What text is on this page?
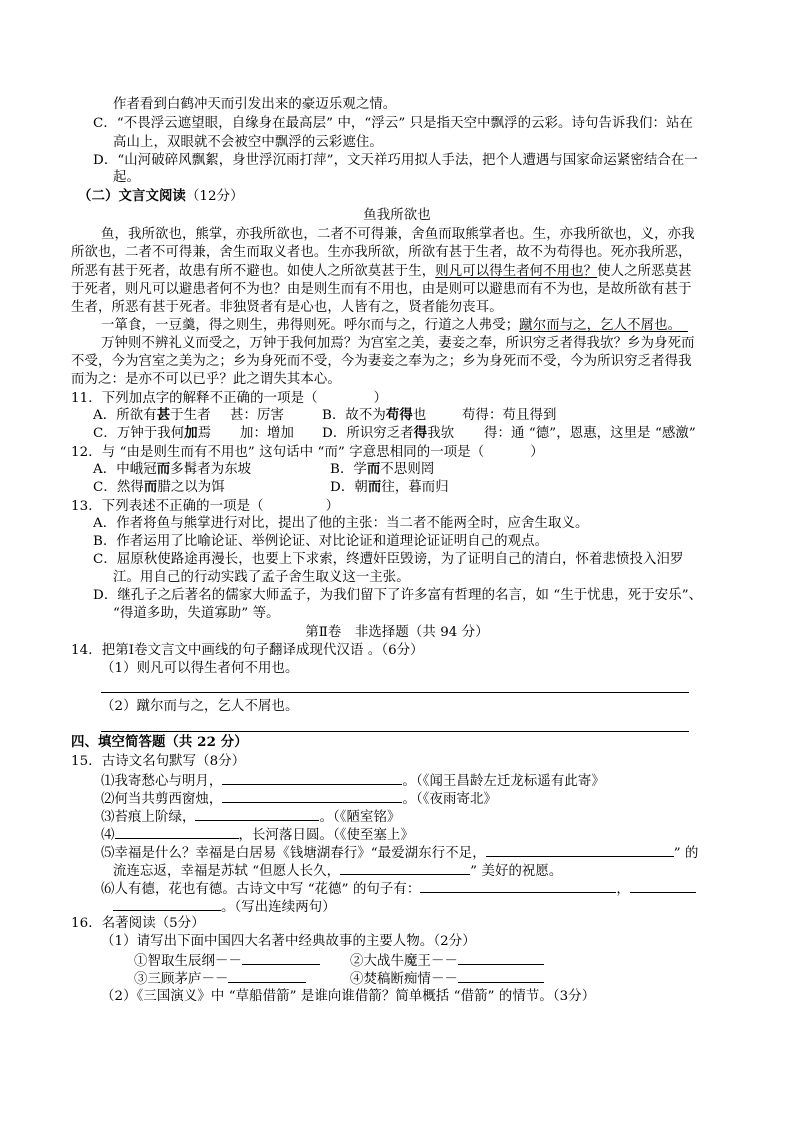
作者看到白鹤冲天而引发出来的豪迈乐观之情。
C．“不畏浮云遮望眼，自缘身在最高层” 中，“浮云” 只是指天空中飘浮的云彩。诗句告诉我们：站在
高山上，双眼就不会被空中飘浮的云彩遮住。
D．“山河破碎风飘絮，身世浮沉雨打萍”，文天祥巧用拟人手法，把个人遭遇与国家命运紧密结合在一
起。
（二）文言文阅读（12分）
鱼我所欲也
鱼，我所欲也，熊掌，亦我所欲也，二者不可得兼，舍鱼而取熊掌者也。生，亦我所欲也，义，亦我
所欲也，二者不可得兼，舍生而取义者也。生亦我所欲，所欲有甚于生者，故不为苟得也。死亦我所恶，
所恶有甚于死者，故患有所不避也。如使人之所欲莫甚于生，则凡可以得生者何不用也？使人之所恶莫甚
于死者，则凡可以避患者何不为也？由是则生而有不用也，由是则可以避患而有不为也，是故所欲有甚于
生者，所恶有甚于死者。非独贤者有是心也，人皆有之，贤者能勿丧耳。
一箪食，一豆羹，得之则生，弗得则死。呼尔而与之，行道之人弗受；蹴尔而与之，乞人不屑也。　
万钟则不辨礼义而受之，万钟于我何加焉？为宫室之美，妻妾之奉，所识穷乏者得我欤？乡为身死而
不受，今为宫室之美为之；乡为身死而不受，今为妻妾之奉为之；乡为身死而不受，今为所识穷乏者得我
而为之：是亦不可以已乎？此之谓失其本心。
11．下列加点字的解释不正确的一项是（	）
A．所欲有甚于生者 甚：厉害	B．故不为苟得也	苟得：苟且得到
C．万钟于我何加焉 加：增加 D．所识穷乏者得我欤 得：通 “德”，恩惠，这里是 “感激”
12．与 “由是则生而有不用也” 这句话中 “而” 字意思相同的一项是（	）
A．中峨冠而多髯者为东坡	B．学而不思则罔
C．然得而腊之以为饵	D．朝而往，暮而归
13．下列表述不正确的一项是（	）
A．作者将鱼与熊掌进行对比，提出了他的主张：当二者不能两全时，应舍生取义。
B．作者运用了比喻论证、举例论证、对比论证和道理论证证明自己的观点。
C．屈原秋使路途再漫长，也要上下求索，终遭奸臣毁谤，为了证明自己的清白，怀着悲愤投入汨罗
江。用自己的行动实践了孟子舍生取义这一主张。
D．继孔子之后著名的儒家大师孟子，为我们留下了许多富有哲理的名言，如 “生于忧患，死于安乐”、
“得道多助，失道寡助” 等。
第Ⅱ卷　非选择题（共 94 分）
14．把第Ⅰ卷文言文中画线的句子翻译成现代汉语 。（6分）
（1）则凡可以得生者何不用也。
（2）蹴尔而与之，乞人不屑也。
四、填空简答题（共 22 分）
15．古诗文名句默写（8分）
⑴我寄愁心与明月，	。（《闻王昌龄左迁龙标遥有此寄》
⑵何当共剪西窗烛，	。（《夜雨寄北》
⑶苔痕上阶绿，	。（《陋室铭》
⑷	，长河落日圆。（《使至塞上》
⑸幸福是什么？幸福是白居易《钱塘湖春行》“最爱湖东行不足，	” 的
流连忘返，幸福是苏轼 “但愿人长久，	” 美好的祝愿。
⑹人有德，花也有德。古诗文中写 “花德” 的句子有：	，
。（写出连续两句）
16．名著阅读（5分）
（1）请写出下面中国四大名著中经典故事的主要人物。（2分）
①智取生辰纲－－	②大战牛魔王－－
③三顾茅庐－－	④焚稿断痴情－－
（2）《三国演义》中 “草船借箭” 是谁向谁借箭？简单概括 “借箭” 的情节。（3分）
